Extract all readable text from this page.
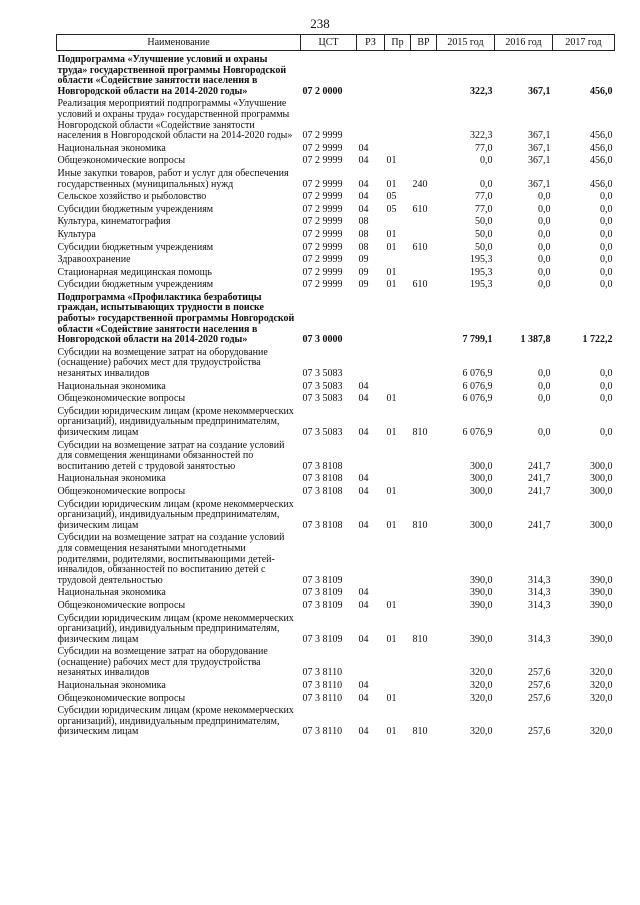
238
Наименование	ЦСТ	РЗ	Пр	ВР	2015 год	2016 год	2017 год
Подпрограмма «Улучшение условий и охраны труда» государственной программы Новгородской области «Содействие занятости населения в Новгородской области на 2014-2020 годы»	07 2 0000				322,3	367,1	456,0
Реализация мероприятий подпрограммы «Улучшение условий и охраны труда» государственной программы Новгородской области «Содействие занятости населения в Новгородской области на 2014-2020 годы»	07 2 9999				322,3	367,1	456,0
Национальная экономика	07 2 9999	04			77,0	367,1	456,0
Общеэкономические вопросы	07 2 9999	04	01		0,0	367,1	456,0
Иные закупки товаров, работ и услуг для обеспечения государственных (муниципальных) нужд	07 2 9999	04	01	240	0,0	367,1	456,0
Сельское хозяйство и рыболовство	07 2 9999	04	05		77,0	0,0	0,0
Субсидии бюджетным учреждениям	07 2 9999	04	05	610	77,0	0,0	0,0
Культура, кинематография	07 2 9999	08			50,0	0,0	0,0
Культура	07 2 9999	08	01		50,0	0,0	0,0
Субсидии бюджетным учреждениям	07 2 9999	08	01	610	50,0	0,0	0,0
Здравоохранение	07 2 9999	09			195,3	0,0	0,0
Стационарная медицинская помощь	07 2 9999	09	01		195,3	0,0	0,0
Субсидии бюджетным учреждениям	07 2 9999	09	01	610	195,3	0,0	0,0
Подпрограмма «Профилактика безработицы граждан, испытывающих трудности в поиске работы» государственной программы Новгородской области «Содействие занятости населения в Новгородской области на 2014-2020 годы»	07 3 0000				7 799,1	1 387,8	1 722,2
Субсидии на возмещение затрат на оборудование (оснащение) рабочих мест для трудоустройства незанятых инвалидов	07 3 5083				6 076,9	0,0	0,0
Национальная экономика	07 3 5083	04			6 076,9	0,0	0,0
Общеэкономические вопросы	07 3 5083	04	01		6 076,9	0,0	0,0
Субсидии юридическим лицам (кроме некоммерческих организаций), индивидуальным предпринимателям, физическим лицам	07 3 5083	04	01	810	6 076,9	0,0	0,0
Субсидии на возмещение затрат на создание условий для совмещения женщинами обязанностей по воспитанию детей с трудовой занятостью	07 3 8108				300,0	241,7	300,0
Национальная экономика	07 3 8108	04			300,0	241,7	300,0
Общеэкономические вопросы	07 3 8108	04	01		300,0	241,7	300,0
Субсидии юридическим лицам (кроме некоммерческих организаций), индивидуальным предпринимателям, физическим лицам	07 3 8108	04	01	810	300,0	241,7	300,0
Субсидии на возмещение затрат на создание условий для совмещения незанятыми многодетными родителями, родителями, воспитывающими детей-инвалидов, обязанностей по воспитанию детей с трудовой деятельностью	07 3 8109				390,0	314,3	390,0
Национальная экономика	07 3 8109	04			390,0	314,3	390,0
Общеэкономические вопросы	07 3 8109	04	01		390,0	314,3	390,0
Субсидии юридическим лицам (кроме некоммерческих организаций), индивидуальным предпринимателям, физическим лицам	07 3 8109	04	01	810	390,0	314,3	390,0
Субсидии на возмещение затрат на оборудование (оснащение) рабочих мест для трудоустройства незанятых инвалидов	07 3 8110				320,0	257,6	320,0
Национальная экономика	07 3 8110	04			320,0	257,6	320,0
Общеэкономические вопросы	07 3 8110	04	01		320,0	257,6	320,0
Субсидии юридическим лицам (кроме некоммерческих организаций), индивидуальным предпринимателям, физическим лицам	07 3 8110	04	01	810	320,0	257,6	320,0
